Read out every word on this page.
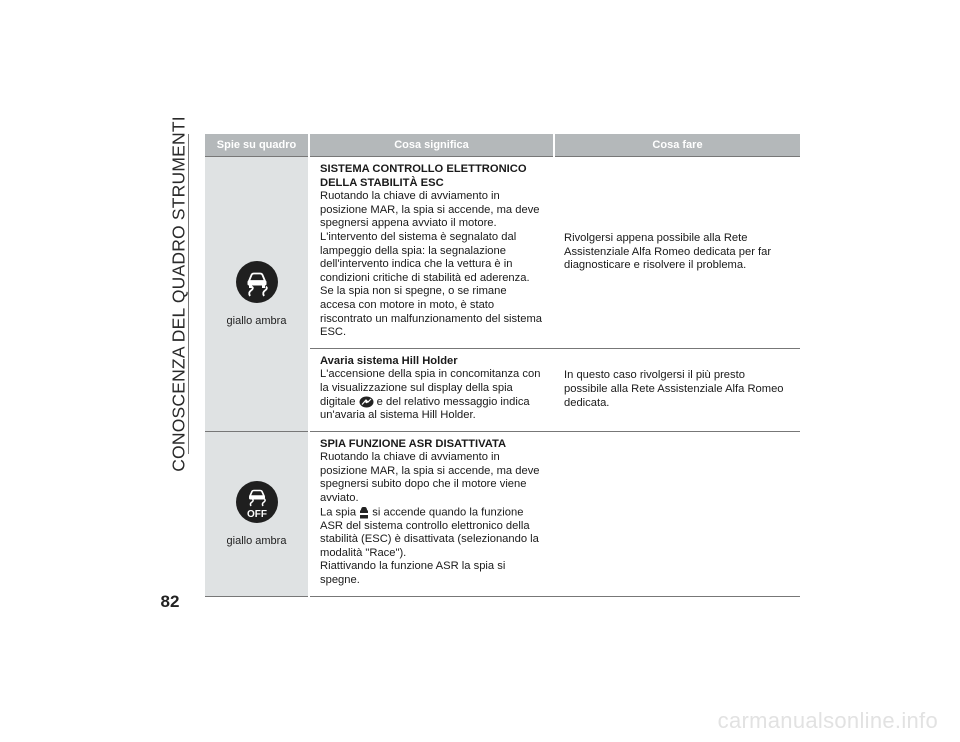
CONOSCENZA DEL QUADRO STRUMENTI	Spie su quadro	Cosa significa	Cosa fare

giallo ambra	SISTEMA CONTROLLO ELETTRONICO DELLA STABILITÀ ESC
Ruotando la chiave di avviamento in posizione MAR, la spia si accende, ma deve spegnersi appena avviato il motore.
L'intervento del sistema è segnalato dal lampeggio della spia: la segnalazione dell'intervento indica che la vettura è in condizioni critiche di stabilità ed aderenza.
Se la spia non si spegne, o se rimane accesa con motore in moto, è stato riscontrato un malfunzionamento del sistema ESC.	Rivolgersi appena possibile alla Rete Assistenziale Alfa Romeo dedicata per far diagnosticare e risolvere il problema.

	Avaria sistema Hill Holder
L'accensione della spia in concomitanza con la visualizzazione sul display della spia digitale e del relativo messaggio indica un'avaria al sistema Hill Holder.	In questo caso rivolgersi il più presto possibile alla Rete Assistenziale Alfa Romeo dedicata.

OFF
giallo ambra	SPIA FUNZIONE ASR DISATTIVATA
Ruotando la chiave di avviamento in posizione MAR, la spia si accende, ma deve spegnersi subito dopo che il motore viene avviato.
La spia si accende quando la funzione ASR del sistema controllo elettronico della stabilità (ESC) è disattivata (selezionando la modalità "Race").
Riattivando la funzione ASR la spia si spegne.	
82
carmanualsonline.info
